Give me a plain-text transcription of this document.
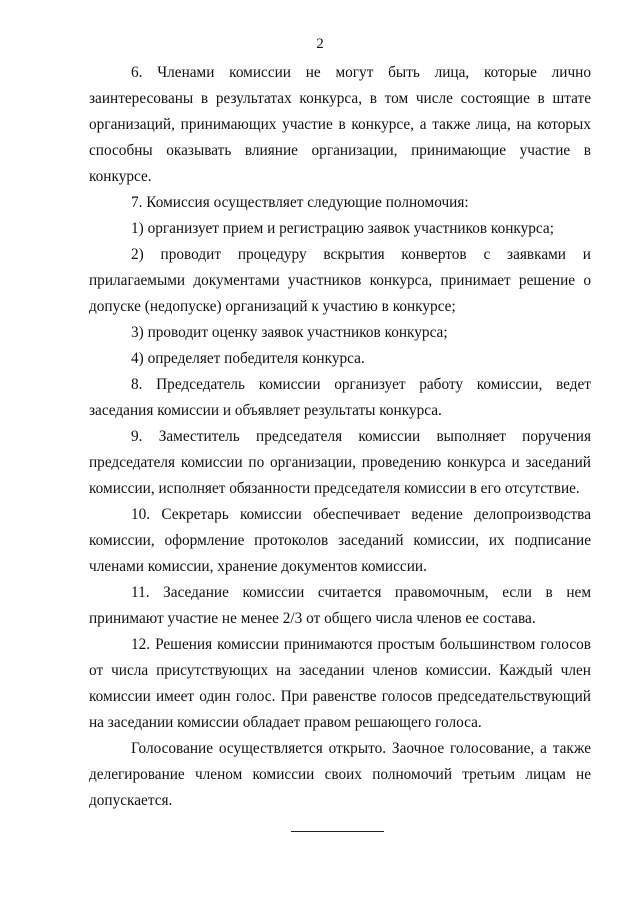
2

6. Членами комиссии не могут быть лица, которые лично заинтересованы в результатах конкурса, в том числе состоящие в штате организаций, принимающих участие в конкурсе, а также лица, на которых способны оказывать влияние организации, принимающие участие в конкурсе.

7. Комиссия осуществляет следующие полномочия:

1) организует прием и регистрацию заявок участников конкурса;

2) проводит процедуру вскрытия конвертов с заявками и прилагаемыми документами участников конкурса, принимает решение о допуске (недопуске) организаций к участию в конкурсе;

3) проводит оценку заявок участников конкурса;

4) определяет победителя конкурса.

8. Председатель комиссии организует работу комиссии, ведет заседания комиссии и объявляет результаты конкурса.

9. Заместитель председателя комиссии выполняет поручения председателя комиссии по организации, проведению конкурса и заседаний комиссии, исполняет обязанности председателя комиссии в его отсутствие.

10. Секретарь комиссии обеспечивает ведение делопроизводства комиссии, оформление протоколов заседаний комиссии, их подписание членами комиссии, хранение документов комиссии.

11. Заседание комиссии считается правомочным, если в нем принимают участие не менее 2/3 от общего числа членов ее состава.

12. Решения комиссии принимаются простым большинством голосов от числа присутствующих на заседании членов комиссии. Каждый член комиссии имеет один голос. При равенстве голосов председательствующий на заседании комиссии обладает правом решающего голоса.

Голосование осуществляется открыто. Заочное голосование, а также делегирование членом комиссии своих полномочий третьим лицам не допускается.
